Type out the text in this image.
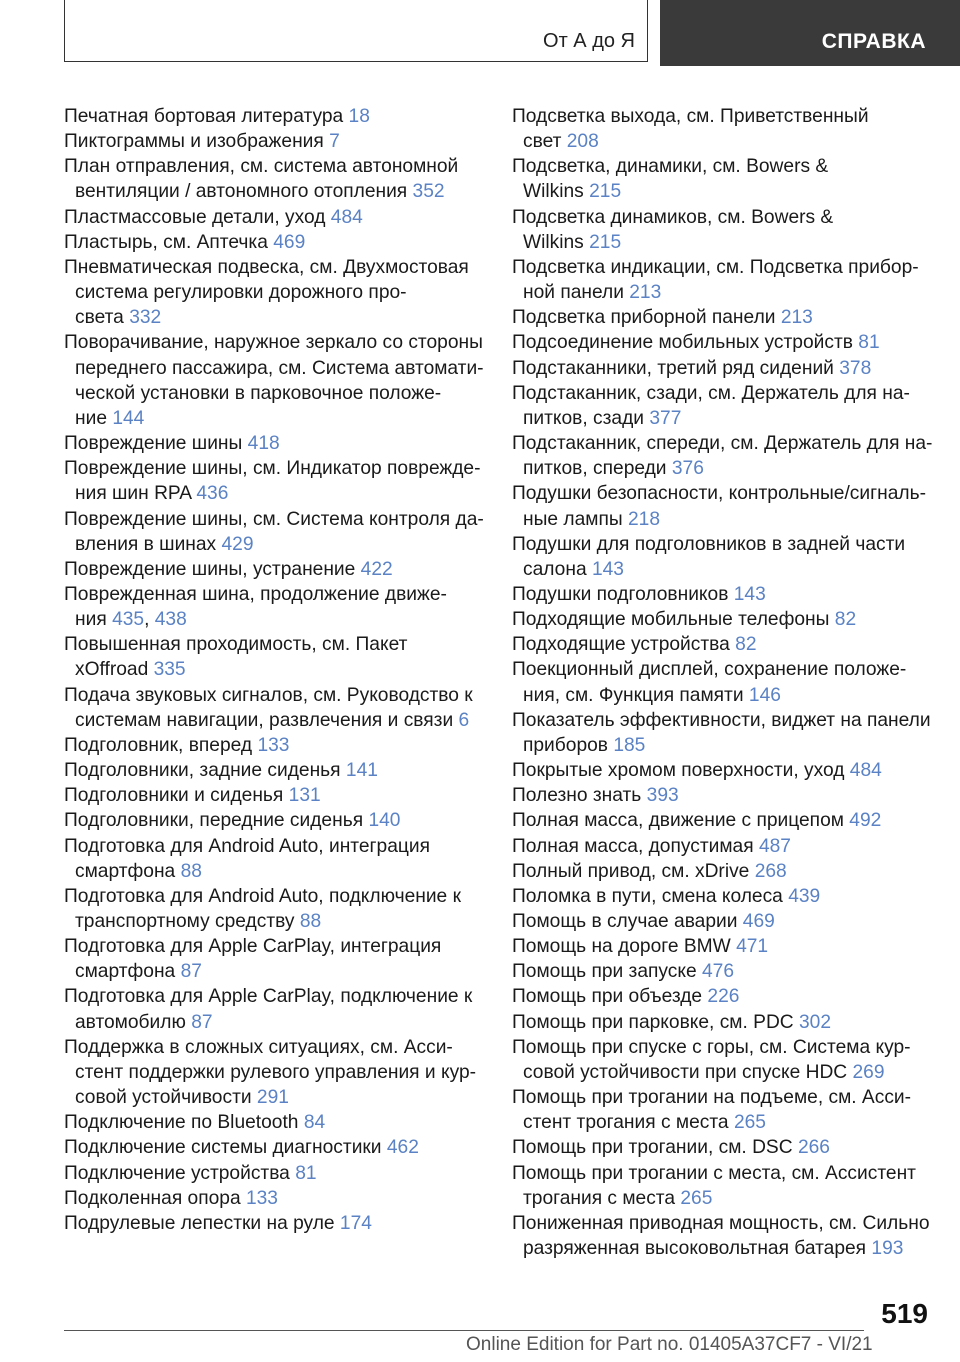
От А до Я	СПРАВКА
Печатная бортовая литература 18
Пиктограммы и изображения 7
План отправления, см. система автономной
вентиляции / автономного отопления 352
Пластмассовые детали, уход 484
Пластырь, см. Аптечка 469
Пневматическая подвеска, см. Двухмостовая
система регулировки дорожного про-
света 332
Поворачивание, наружное зеркало со стороны
переднего пассажира, см. Система автомати-
ческой установки в парковочное положе-
ние 144
Повреждение шины 418
Повреждение шины, см. Индикатор поврежде-
ния шин RPA 436
Повреждение шины, см. Система контроля да-
вления в шинах 429
Повреждение шины, устранение 422
Поврежденная шина, продолжение движе-
ния 435, 438
Повышенная проходимость, см. Пакет
xOffroad 335
Подача звуковых сигналов, см. Руководство к
системам навигации, развлечения и связи 6
Подголовник, вперед 133
Подголовники, задние сиденья 141
Подголовники и сиденья 131
Подголовники, передние сиденья 140
Подготовка для Android Auto, интеграция
смартфона 88
Подготовка для Android Auto, подключение к
транспортному средству 88
Подготовка для Apple CarPlay, интеграция
смартфона 87
Подготовка для Apple CarPlay, подключение к
автомобилю 87
Поддержка в сложных ситуациях, см. Асси-
стент поддержки рулевого управления и кур-
совой устойчивости 291
Подключение по Bluetooth 84
Подключение системы диагностики 462
Подключение устройства 81
Подколенная опора 133
Подрулевые лепестки на руле 174
Подсветка выхода, см. Приветственный
свет 208
Подсветка, динамики, см. Bowers &
Wilkins 215
Подсветка динамиков, см. Bowers &
Wilkins 215
Подсветка индикации, см. Подсветка прибор-
ной панели 213
Подсветка приборной панели 213
Подсоединение мобильных устройств 81
Подстаканники, третий ряд сидений 378
Подстаканник, сзади, см. Держатель для на-
питков, сзади 377
Подстаканник, спереди, см. Держатель для на-
питков, спереди 376
Подушки безопасности, контрольные/сигналь-
ные лампы 218
Подушки для подголовников в задней части
салона 143
Подушки подголовников 143
Подходящие мобильные телефоны 82
Подходящие устройства 82
Поекционный дисплей, сохранение положе-
ния, см. Функция памяти 146
Показатель эффективности, виджет на панели
приборов 185
Покрытые хромом поверхности, уход 484
Полезно знать 393
Полная масса, движение с прицепом 492
Полная масса, допустимая 487
Полный привод, см. xDrive 268
Поломка в пути, смена колеса 439
Помощь в случае аварии 469
Помощь на дороге BMW 471
Помощь при запуске 476
Помощь при объезде 226
Помощь при парковке, см. PDC 302
Помощь при спуске с горы, см. Система кур-
совой устойчивости при спуске HDC 269
Помощь при трогании на подъеме, см. Асси-
стент трогания с места 265
Помощь при трогании, см. DSC 266
Помощь при трогании с места, см. Ассистент
трогания с места 265
Пониженная приводная мощность, см. Сильно
разряженная высоковольтная батарея 193
519
Online Edition for Part no. 01405A37CF7 - VI/21
